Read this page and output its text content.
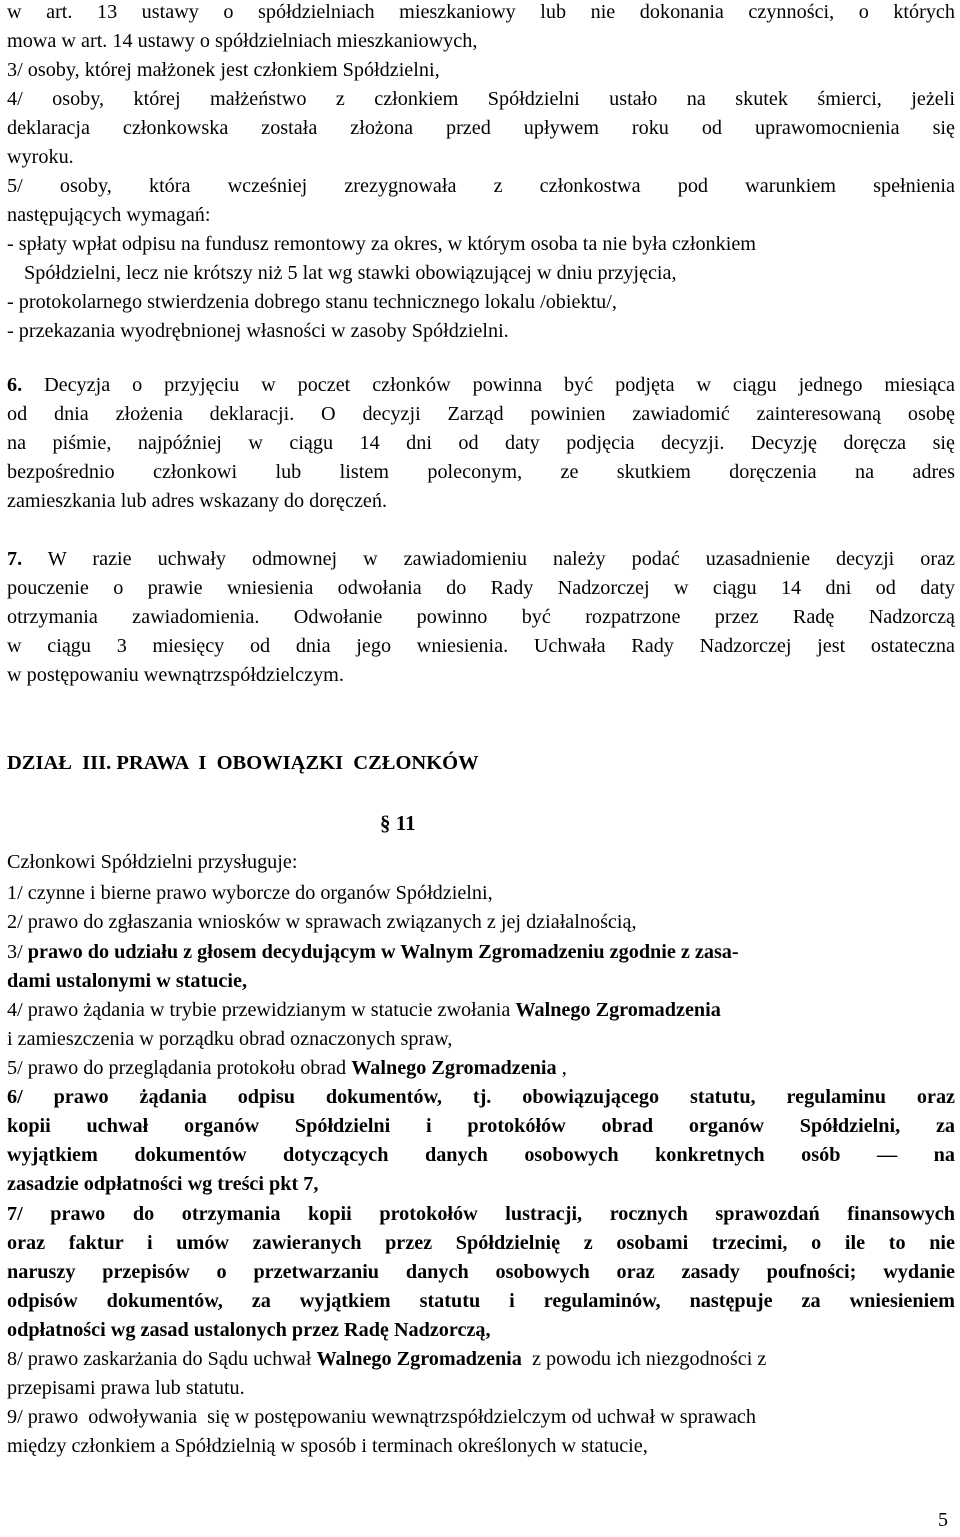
w art. 13 ustawy o spółdzielniach mieszkaniowy lub nie dokonania czynności, o których
mowa w art. 14 ustawy o spółdzielniach mieszkaniowych,
3/ osoby, której małżonek jest członkiem Spółdzielni,
4/ osoby, której małżeństwo z członkiem Spółdzielni ustało na skutek śmierci, jeżeli
deklaracja członkowska została złożona przed upływem roku od uprawomocnienia się
wyroku.
5/ osoby, która wcześniej zrezygnowała z członkostwa pod warunkiem spełnienia
następujących wymagań:
- spłaty wpłat odpisu na fundusz remontowy za okres, w którym osoba ta nie była członkiem
Spółdzielni, lecz nie krótszy niż 5 lat wg stawki obowiązującej w dniu przyjęcia,
- protokolarnego stwierdzenia dobrego stanu technicznego lokalu /obiektu/,
- przekazania wyodrębnionej własności w zasoby Spółdzielni.
6. Decyzja o przyjęciu w poczet członków powinna być podjęta w ciągu jednego miesiąca
od dnia złożenia deklaracji. O decyzji Zarząd powinien zawiadomić zainteresowaną osobę
na piśmie, najpóźniej w ciągu 14 dni od daty podjęcia decyzji. Decyzję doręcza się
bezpośrednio członkowi lub listem poleconym, ze skutkiem doręczenia na adres
zamieszkania lub adres wskazany do doręczeń.
7. W razie uchwały odmownej w zawiadomieniu należy podać uzasadnienie decyzji oraz
pouczenie o prawie wniesienia odwołania do Rady Nadzorczej w ciągu 14 dni od daty
otrzymania zawiadomienia. Odwołanie powinno być rozpatrzone przez Radę Nadzorczą
w ciągu 3 miesięcy od dnia jego wniesienia. Uchwała Rady Nadzorczej jest ostateczna
w postępowaniu wewnątrzspółdzielczym.
DZIAŁ  III. PRAWA  I  OBOWIĄZKI  CZŁONKÓW
§ 11
Członkowi Spółdzielni przysługuje:
1/ czynne i bierne prawo wyborcze do organów Spółdzielni,
2/ prawo do zgłaszania wniosków w sprawach związanych z jej działalnością,
3/ prawo do udziału z głosem decydującym w Walnym Zgromadzeniu zgodnie z zasa-
dami ustalonymi w statucie,
4/ prawo żądania w trybie przewidzianym w statucie zwołania Walnego Zgromadzenia
i zamieszczenia w porządku obrad oznaczonych spraw,
5/ prawo do przeglądania protokołu obrad Walnego Zgromadzenia ,
6/ prawo żądania odpisu dokumentów, tj. obowiązującego statutu, regulaminu oraz
kopii uchwał organów Spółdzielni i protokółów obrad organów Spółdzielni, za
wyjątkiem dokumentów dotyczących danych osobowych konkretnych osób — na
zasadzie odpłatności wg treści pkt 7,
7/ prawo do otrzymania kopii protokołów lustracji, rocznych sprawozdań finansowych
oraz faktur i umów zawieranych przez Spółdzielnię z osobami trzecimi, o ile to nie
naruszy przepisów o przetwarzaniu danych osobowych oraz zasady poufności; wydanie
odpisów dokumentów, za wyjątkiem statutu i regulaminów, następuje za wniesieniem
odpłatności wg zasad ustalonych przez Radę Nadzorczą,
8/ prawo zaskarżania do Sądu uchwał Walnego Zgromadzenia  z powodu ich niezgodności z
przepisami prawa lub statutu.
9/ prawo  odwoływania  się w postępowaniu wewnątrzspółdzielczym od uchwał w sprawach
między członkiem a Spółdzielnią w sposób i terminach określonych w statucie,
5
